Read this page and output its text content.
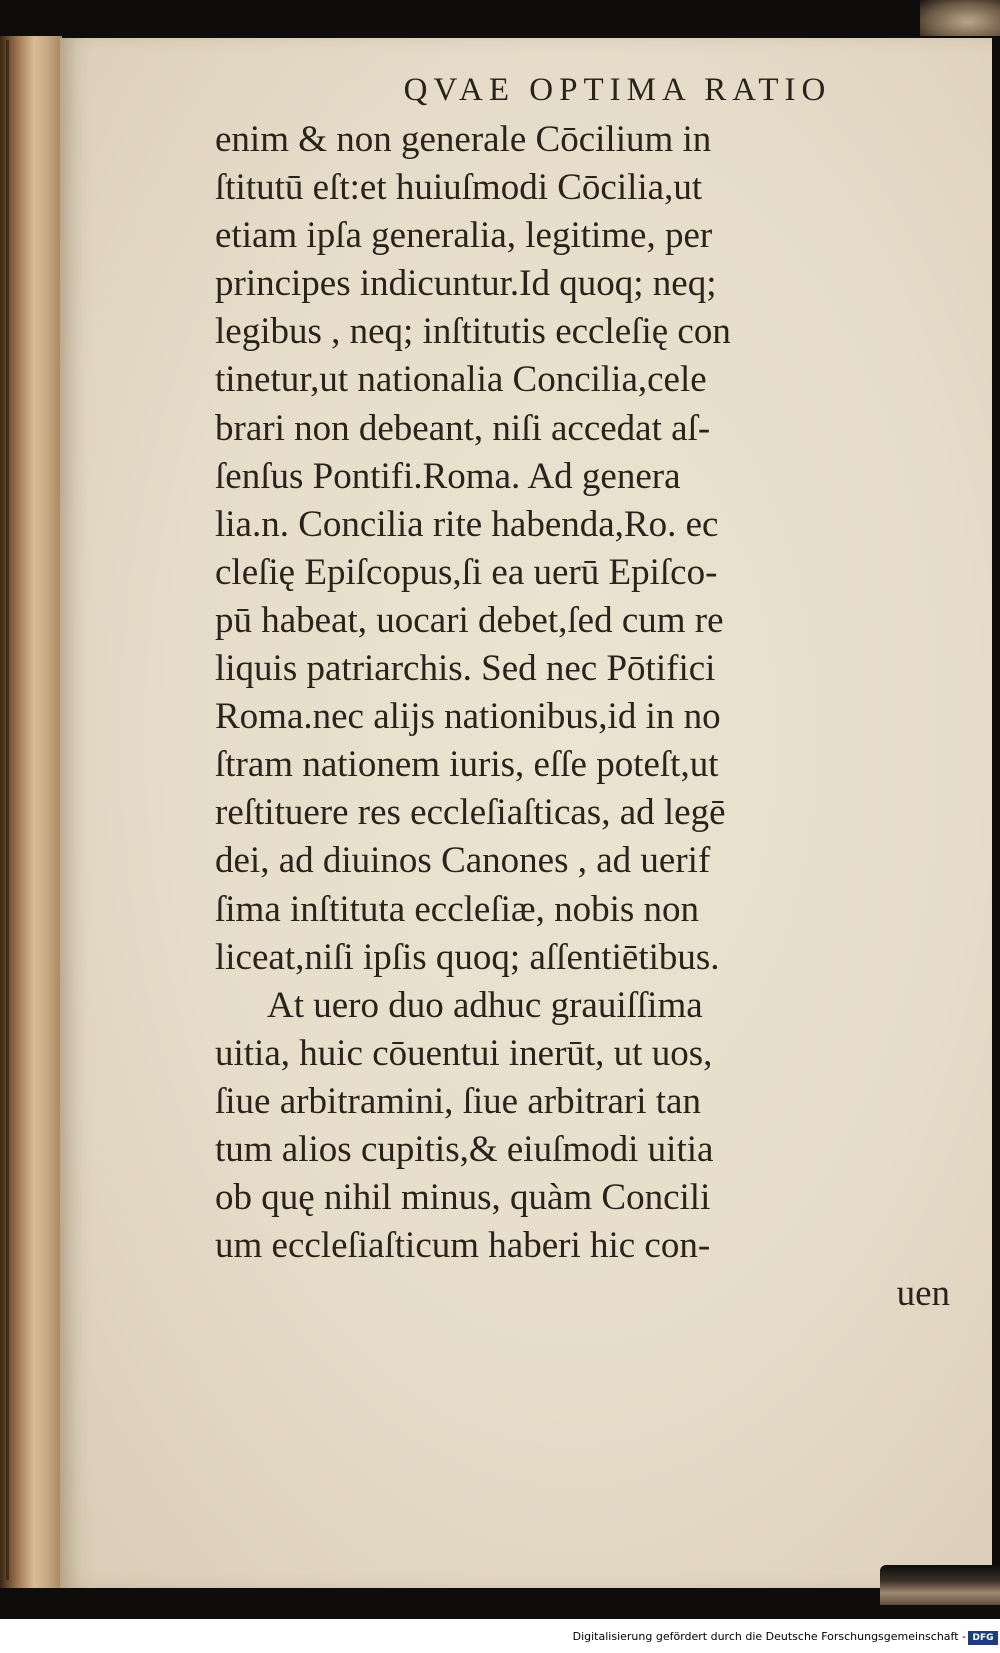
QVAE OPTIMA RATIO
enim & non generale Cōcilium in
ſtitutū eſt:et huiuſmodi Cōcilia,ut
etiam ipſa generalia, legitime, per
principes indicuntur.Id quoq; neq;
legibus , neq; inſtitutis eccleſię con
tinetur,ut nationalia Concilia,cele
brari non debeant, niſi accedat aſ-
ſenſus Pontifi.Roma. Ad genera
lia.n. Concilia rite habenda,Ro. ec
cleſię Epiſcopus,ſi ea uerū Epiſco-
pū habeat, uocari debet,ſed cum re
liquis patriarchis. Sed nec Pōtifici
Roma.nec alijs nationibus,id in no
ſtram nationem iuris, eſſe poteſt,ut
reſtituere res eccleſiaſticas, ad legē
dei, ad diuinos Canones , ad uerif
ſima inſtituta eccleſiæ, nobis non
liceat,niſi ipſis quoq; aſſentiētibus.
At uero duo adhuc grauiſſima
uitia, huic cōuentui inerūt, ut uos,
ſiue arbitramini, ſiue arbitrari tan
tum alios cupitis,& eiuſmodi uitia
ob quę nihil minus, quàm Concili
um eccleſiaſticum haberi hic con-
uen
Digitalisierung gefördert durch die Deutsche Forschungsgemeinschaft - DFG
